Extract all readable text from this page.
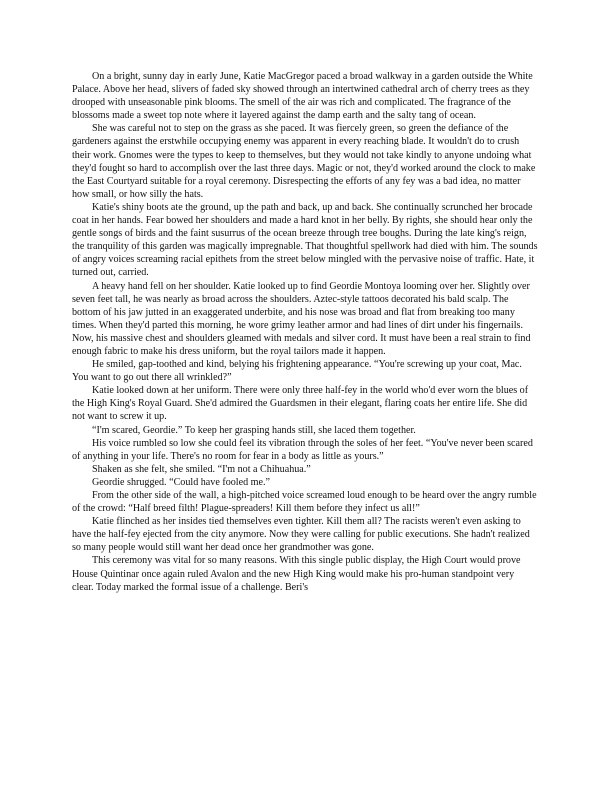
On a bright, sunny day in early June, Katie MacGregor paced a broad walkway in a garden outside the White Palace. Above her head, slivers of faded sky showed through an intertwined cathedral arch of cherry trees as they drooped with unseasonable pink blooms. The smell of the air was rich and complicated. The fragrance of the blossoms made a sweet top note where it layered against the damp earth and the salty tang of ocean.

She was careful not to step on the grass as she paced. It was fiercely green, so green the defiance of the gardeners against the erstwhile occupying enemy was apparent in every reaching blade. It wouldn't do to crush their work. Gnomes were the types to keep to themselves, but they would not take kindly to anyone undoing what they'd fought so hard to accomplish over the last three days. Magic or not, they'd worked around the clock to make the East Courtyard suitable for a royal ceremony. Disrespecting the efforts of any fey was a bad idea, no matter how small, or how silly the hats.

Katie's shiny boots ate the ground, up the path and back, up and back. She continually scrunched her brocade coat in her hands. Fear bowed her shoulders and made a hard knot in her belly. By rights, she should hear only the gentle songs of birds and the faint susurrus of the ocean breeze through tree boughs. During the late king's reign, the tranquility of this garden was magically impregnable. That thoughtful spellwork had died with him. The sounds of angry voices screaming racial epithets from the street below mingled with the pervasive noise of traffic. Hate, it turned out, carried.

A heavy hand fell on her shoulder. Katie looked up to find Geordie Montoya looming over her. Slightly over seven feet tall, he was nearly as broad across the shoulders. Aztec-style tattoos decorated his bald scalp. The bottom of his jaw jutted in an exaggerated underbite, and his nose was broad and flat from breaking too many times. When they'd parted this morning, he wore grimy leather armor and had lines of dirt under his fingernails. Now, his massive chest and shoulders gleamed with medals and silver cord. It must have been a real strain to find enough fabric to make his dress uniform, but the royal tailors made it happen.

He smiled, gap-toothed and kind, belying his frightening appearance. “You're screwing up your coat, Mac. You want to go out there all wrinkled?”

Katie looked down at her uniform. There were only three half-fey in the world who'd ever worn the blues of the High King's Royal Guard. She'd admired the Guardsmen in their elegant, flaring coats her entire life. She did not want to screw it up.

“I'm scared, Geordie.” To keep her grasping hands still, she laced them together.

His voice rumbled so low she could feel its vibration through the soles of her feet. “You've never been scared of anything in your life. There's no room for fear in a body as little as yours.”

Shaken as she felt, she smiled. “I'm not a Chihuahua.”

Geordie shrugged. “Could have fooled me.”

From the other side of the wall, a high-pitched voice screamed loud enough to be heard over the angry rumble of the crowd: “Half breed filth! Plague-spreaders! Kill them before they infect us all!”

Katie flinched as her insides tied themselves even tighter. Kill them all? The racists weren't even asking to have the half-fey ejected from the city anymore. Now they were calling for public executions. She hadn't realized so many people would still want her dead once her grandmother was gone.

This ceremony was vital for so many reasons. With this single public display, the High Court would prove House Quintinar once again ruled Avalon and the new High King would make his pro-human standpoint very clear. Today marked the formal issue of a challenge. Beri's
